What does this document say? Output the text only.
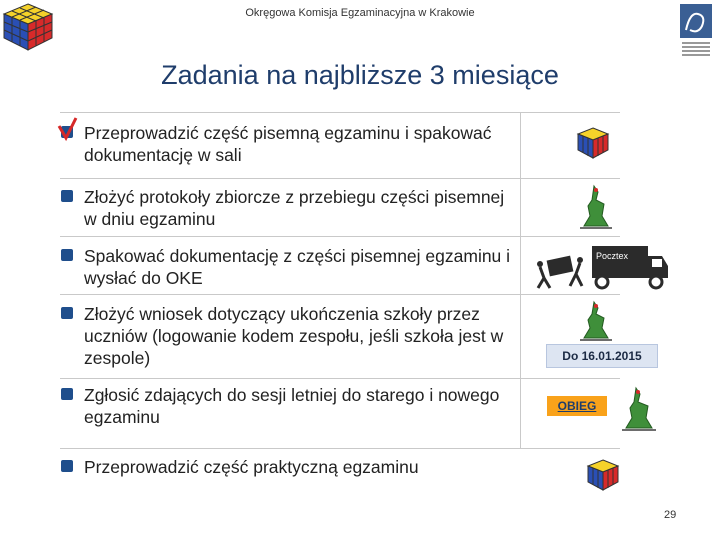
Okręgowa Komisja Egzaminacyjna w Krakowie
Zadania na najbliższe 3 miesiące
Przeprowadzić część pisemną egzaminu i spakować dokumentację w sali
Złożyć protokoły zbiorcze z przebiegu części pisemnej w dniu egzaminu
Spakować dokumentację z części pisemnej egzaminu i wysłać do OKE
Złożyć wniosek dotyczący ukończenia szkoły przez uczniów (logowanie kodem zespołu, jeśli szkoła jest w zespole)
Zgłosić zdających do sesji letniej do starego i nowego egzaminu
Przeprowadzić część praktyczną egzaminu
Pocztex
Do 16.01.2015
OBIEG
29
